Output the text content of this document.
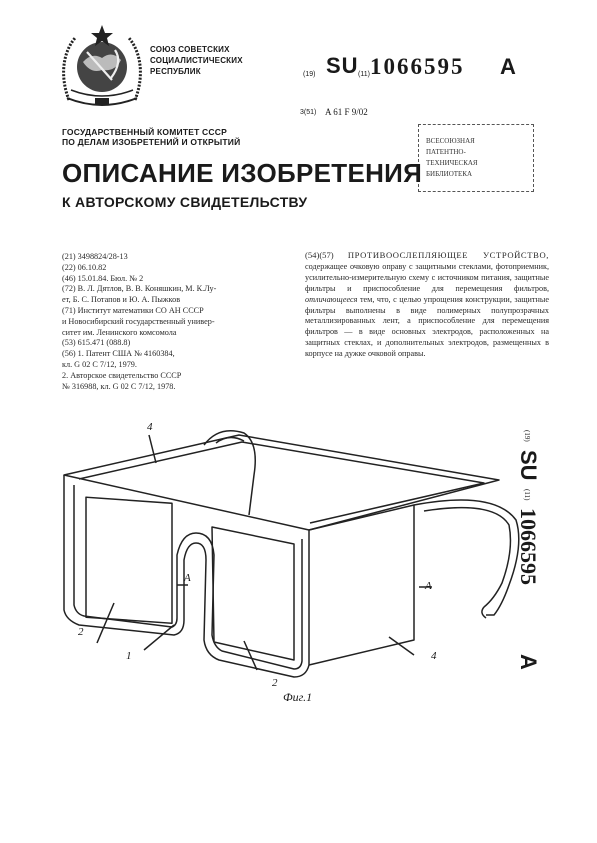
СОЮЗ СОВЕТСКИХ
СОЦИАЛИСТИЧЕСКИХ
РЕСПУБЛИК	(19) SU (11) 1066595 A
3(51) A 61 F 9/02
ВСЕСОЮЗНАЯ
ПАТЕНТНО-
ТЕХНИЧЕСКАЯ
БИБЛИОТЕКА
ГОСУДАРСТВЕННЫЙ КОМИТЕТ СССР
ПО ДЕЛАМ ИЗОБРЕТЕНИЙ И ОТКРЫТИЙ
ОПИСАНИЕ ИЗОБРЕТЕНИЯ
К АВТОРСКОМУ СВИДЕТЕЛЬСТВУ
(21) 3498824/28-13
(22) 06.10.82
(46) 15.01.84. Бюл. № 2
(72) В. Л. Дятлов, В. В. Коняшкин, М. К.Лу-
ет, Б. С. Потапов и Ю. А. Пыжков
(71) Институт математики СО АН СССР
и Новосибирский государственный универ-
ситет им. Ленинского комсомола
(53) 615.471 (088.8)
(56) 1. Патент США № 4160384,
кл. G 02 C 7/12, 1979.
2. Авторское свидетельство СССР
№ 316988, кл. G 02 C 7/12, 1978.
(54)(57) ПРОТИВООСЛЕПЛЯЮЩЕЕ УСТРОЙСТВО, содержащее очковую оправу с защитными стеклами, фотоприемник, усилительно-измерительную схему с источником питания, защитные фильтры и приспособление для перемещения фильтров, отличающееся тем, что, с целью упрощения конструкции, защитные фильтры выполнены в виде полимерных полупрозрачных металлизированных лент, а приспособление для перемещения фильтров — в виде основных электродов, расположенных на защитных стеклах, и дополнительных электродов, размещенных в корпусе на дужке очковой оправы.
(19)
SU
(11)
1066595
A
4
4
2
2
1
A
A
Фиг.1
